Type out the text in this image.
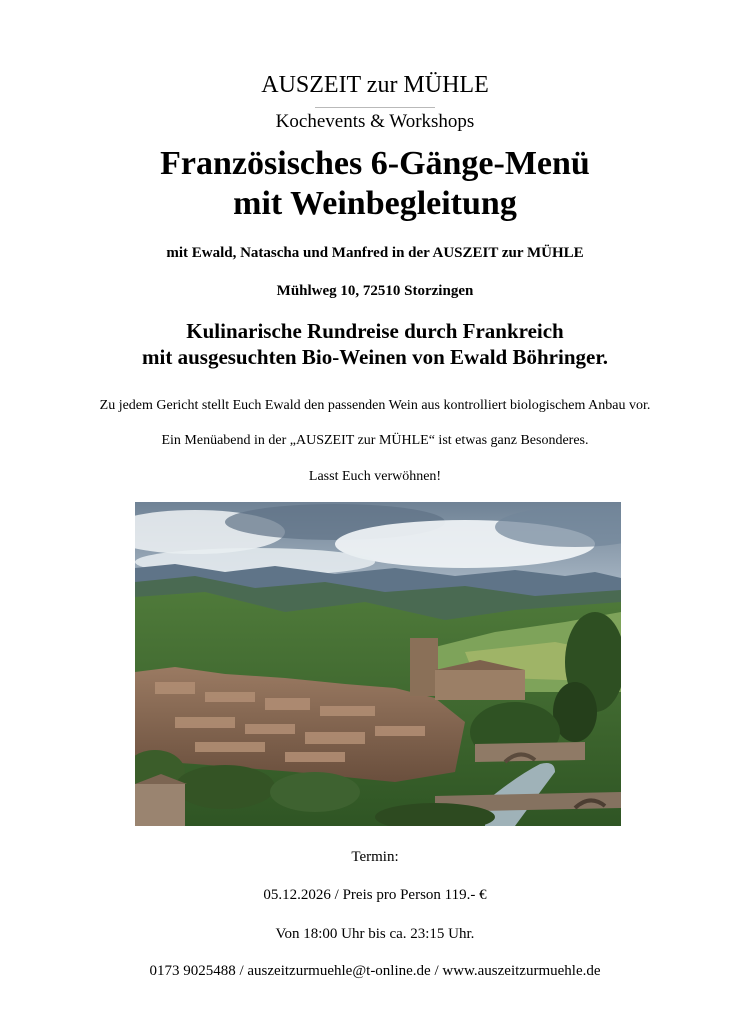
AUSZEIT zur MÜHLE
Kochevents & Workshops
Französisches 6-Gänge-Menü
mit Weinbegleitung
mit Ewald, Natascha und Manfred in der AUSZEIT zur MÜHLE
Mühlweg 10, 72510 Storzingen
Kulinarische Rundreise durch Frankreich
mit ausgesuchten Bio-Weinen von Ewald Böhringer.
Zu jedem Gericht stellt Euch Ewald den passenden Wein aus kontrolliert biologischem Anbau vor.
Ein Menüabend in der „AUSZEIT zur MÜHLE“ ist etwas ganz Besonderes.
Lasst Euch verwöhnen!
Termin:
05.12.2026 / Preis pro Person 119.- €
Von 18:00 Uhr bis ca. 23:15 Uhr.
0173 9025488 / auszeitzurmuehle@t-online.de / www.auszeitzurmuehle.de
